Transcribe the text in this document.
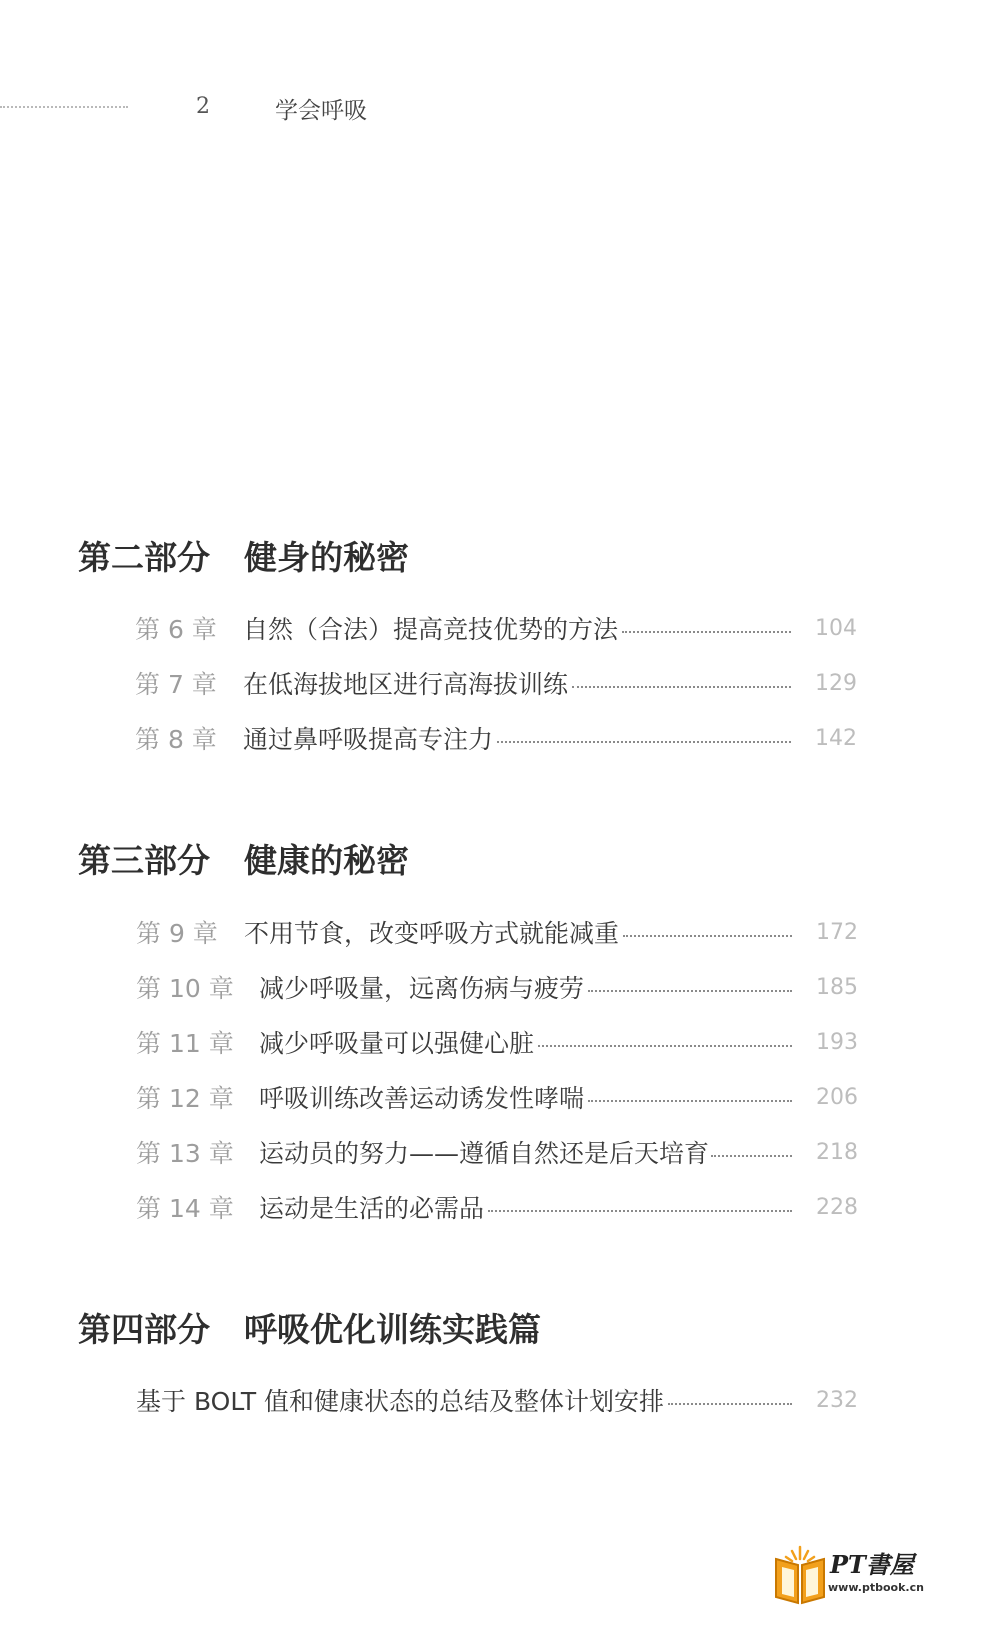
2	学会呼吸
第二部分 健身的秘密
第 6 章	自然（合法）提高竞技优势的方法	104
第 7 章	在低海拔地区进行高海拔训练	129
第 8 章	通过鼻呼吸提高专注力	142
第三部分 健康的秘密
第 9 章	不用节食，改变呼吸方式就能减重	172
第 10 章	减少呼吸量，远离伤病与疲劳	185
第 11 章	减少呼吸量可以强健心脏	193
第 12 章	呼吸训练改善运动诱发性哮喘	206
第 13 章	运动员的努力——遵循自然还是后天培育	218
第 14 章	运动是生活的必需品	228
第四部分 呼吸优化训练实践篇
基于 BOLT 值和健康状态的总结及整体计划安排	232
PT書屋
www.ptbook.cn
